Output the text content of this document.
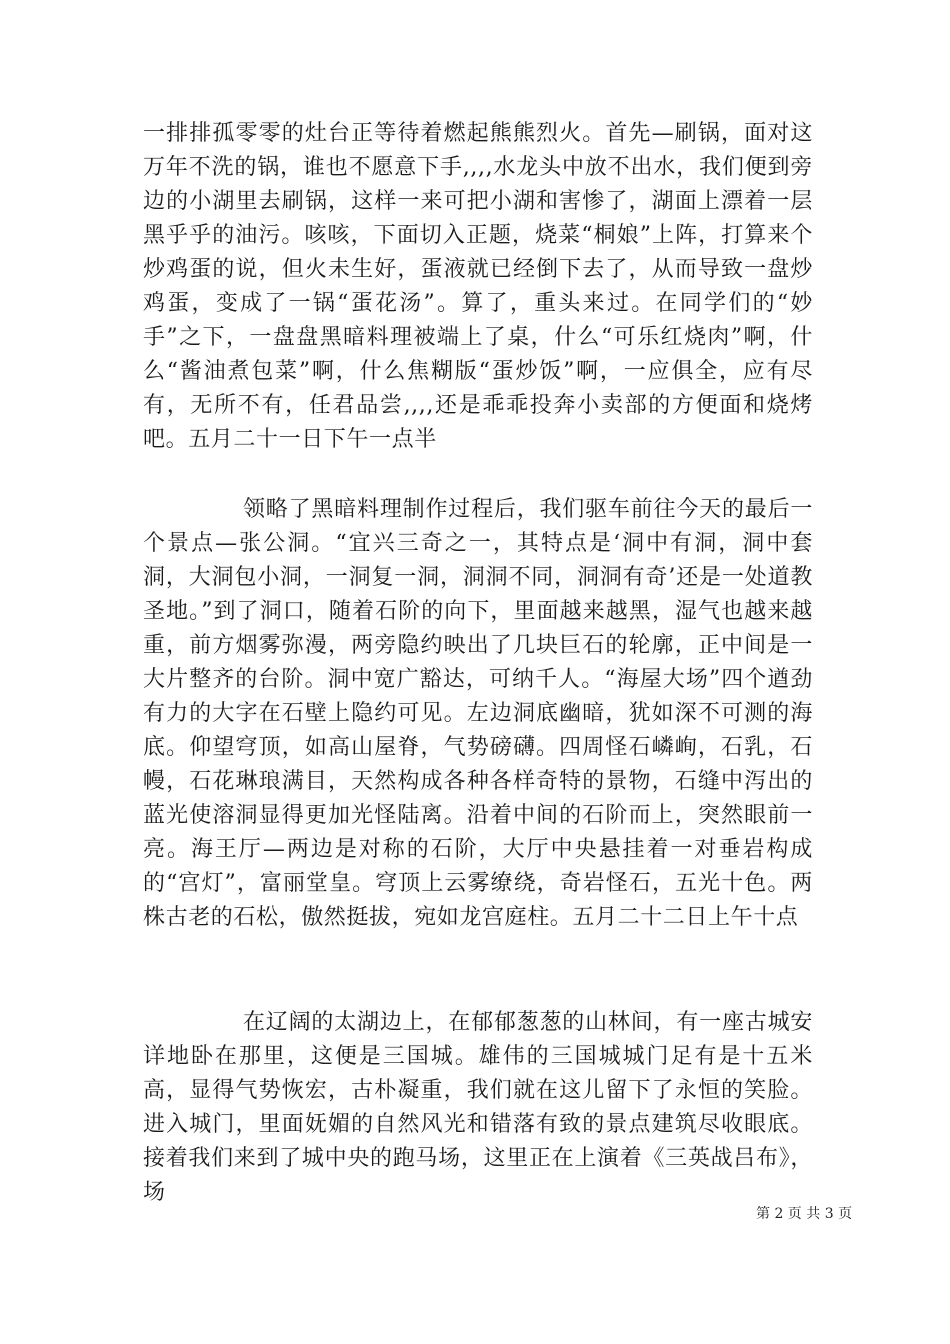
一排排孤零零的灶台正等待着燃起熊熊烈火。首先—刷锅，面对这万年不洗的锅，谁也不愿意下手,,,,水龙头中放不出水，我们便到旁边的小湖里去刷锅，这样一来可把小湖和害惨了，湖面上漂着一层黑乎乎的油污。咳咳，下面切入正题，烧菜“桐娘”上阵，打算来个炒鸡蛋的说，但火未生好，蛋液就已经倒下去了，从而导致一盘炒鸡蛋，变成了一锅“蛋花汤”。算了，重头来过。在同学们的“妙手”之下，一盘盘黑暗料理被端上了桌，什么“可乐红烧肉”啊，什么“酱油煮包菜”啊，什么焦糊版“蛋炒饭”啊，一应俱全，应有尽有，无所不有，任君品尝,,,,还是乖乖投奔小卖部的方便面和烧烤吧。五月二十一日下午一点半

领略了黑暗料理制作过程后，我们驱车前往今天的最后一个景点—张公洞。“宜兴三奇之一，其特点是‘洞中有洞，洞中套洞，大洞包小洞，一洞复一洞，洞洞不同，洞洞有奇’还是一处道教圣地。”到了洞口，随着石阶的向下，里面越来越黑，湿气也越来越重，前方烟雾弥漫，两旁隐约映出了几块巨石的轮廓，正中间是一大片整齐的台阶。洞中宽广豁达，可纳千人。“海屋大场”四个遒劲有力的大字在石壁上隐约可见。左边洞底幽暗，犹如深不可测的海底。仰望穹顶，如高山屋脊，气势磅礴。四周怪石嶙峋，石乳，石幔，石花琳琅满目，天然构成各种各样奇特的景物，石缝中泻出的蓝光使溶洞显得更加光怪陆离。沿着中间的石阶而上，突然眼前一亮。海王厅—两边是对称的石阶，大厅中央悬挂着一对垂岩构成的“宫灯”，富丽堂皇。穹顶上云雾缭绕，奇岩怪石，五光十色。两株古老的石松，傲然挺拔，宛如龙宫庭柱。五月二十二日上午十点

在辽阔的太湖边上，在郁郁葱葱的山林间，有一座古城安详地卧在那里，这便是三国城。雄伟的三国城城门足有是十五米高，显得气势恢宏，古朴凝重，我们就在这儿留下了永恒的笑脸。进入城门，里面妩媚的自然风光和错落有致的景点建筑尽收眼底。接着我们来到了城中央的跑马场，这里正在上演着《三英战吕布》，场

第 2 页 共 3 页
